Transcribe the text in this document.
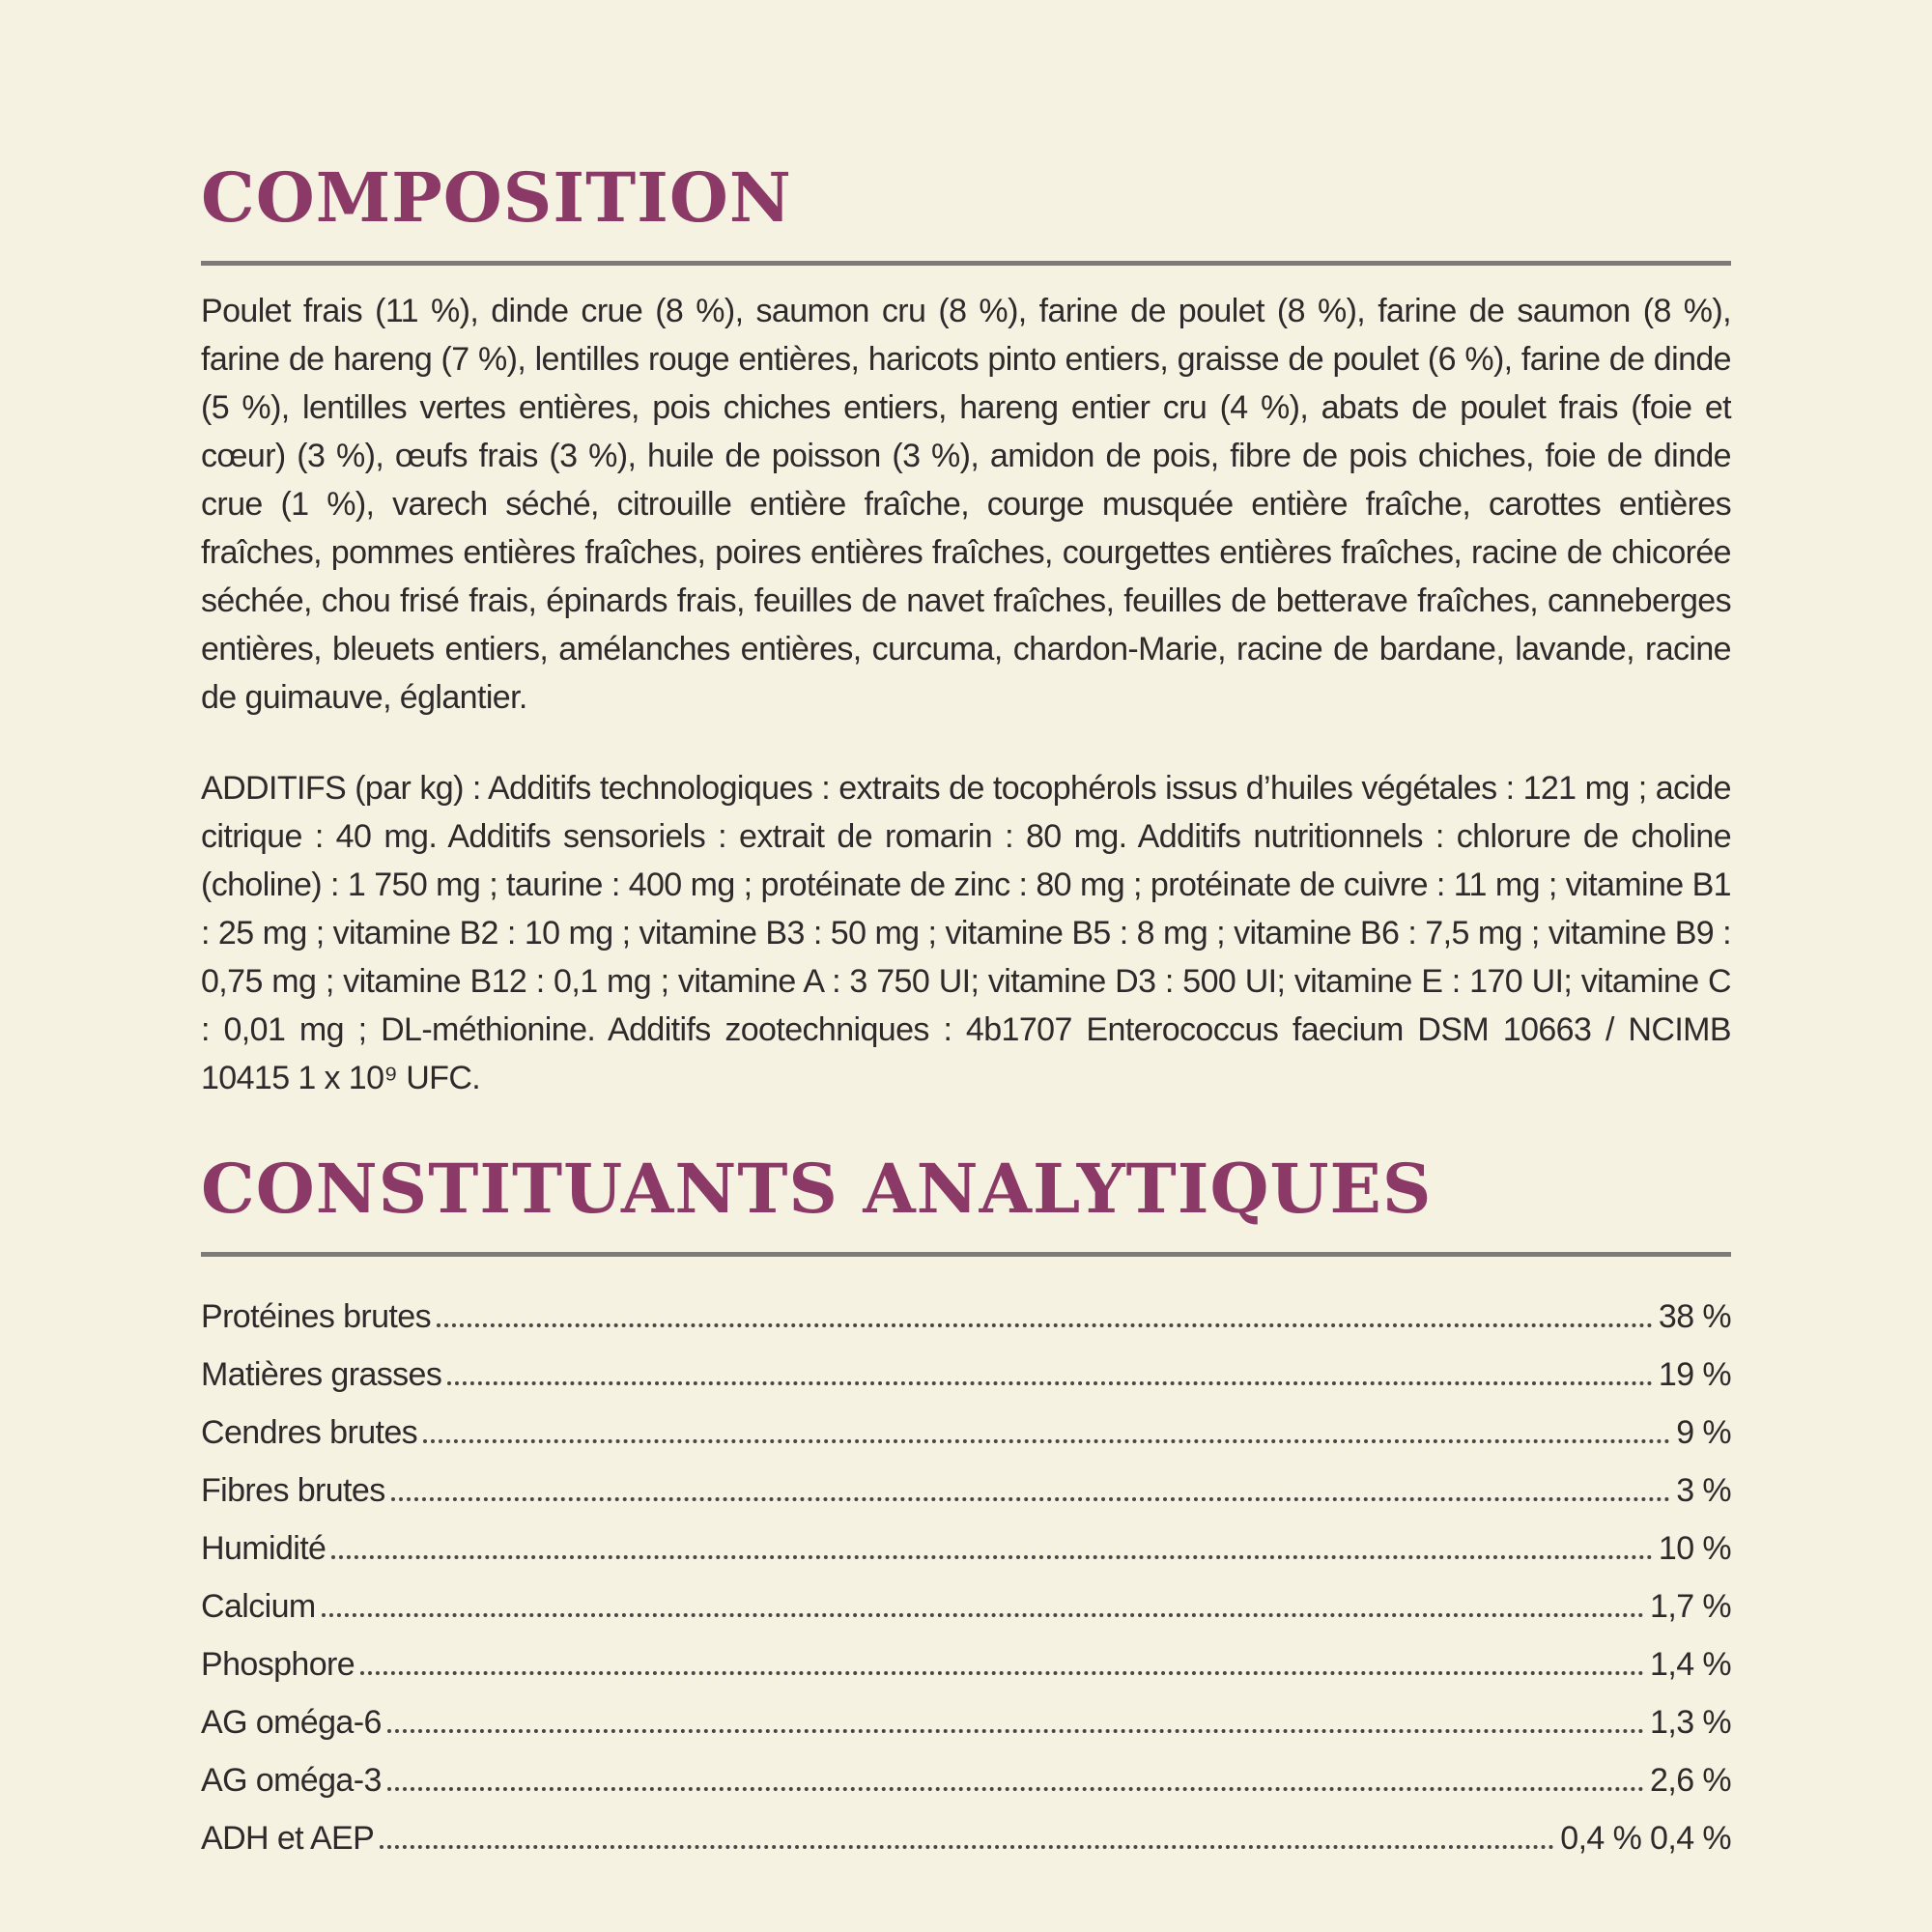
COMPOSITION

Poulet frais (11 %), dinde crue (8 %), saumon cru (8 %), farine de poulet (8 %), farine de saumon (8 %), farine de hareng (7 %), lentilles rouge entières, haricots pinto entiers, graisse de poulet (6 %), farine de dinde (5 %), lentilles vertes entières, pois chiches entiers, hareng entier cru (4 %), abats de poulet frais (foie et cœur) (3 %), œufs frais (3 %), huile de poisson (3 %), amidon de pois, fibre de pois chiches, foie de dinde crue (1 %), varech séché, citrouille entière fraîche, courge musquée entière fraîche, carottes entières fraîches, pommes entières fraîches, poires entières fraîches, courgettes entières fraîches, racine de chicorée séchée, chou frisé frais, épinards frais, feuilles de navet fraîches, feuilles de betterave fraîches, canneberges entières, bleuets entiers, amélanches entières, curcuma, chardon-Marie, racine de bardane, lavande, racine de guimauve, églantier.

ADDITIFS (par kg) : Additifs technologiques : extraits de tocophérols issus d’huiles végétales : 121 mg ; acide citrique : 40 mg. Additifs sensoriels : extrait de romarin : 80 mg. Additifs nutritionnels : chlorure de choline (choline) : 1 750 mg ; taurine : 400 mg ; protéinate de zinc : 80 mg ; protéinate de cuivre : 11 mg ; vitamine B1 : 25 mg ; vitamine B2 : 10 mg ; vitamine B3 : 50 mg ; vitamine B5 : 8 mg ; vitamine B6 : 7,5 mg ; vitamine B9 : 0,75 mg ; vitamine B12 : 0,1 mg ; vitamine A : 3 750 UI; vitamine D3 : 500 UI; vitamine E : 170 UI; vitamine C : 0,01 mg ; DL-méthionine. Additifs zootechniques : 4b1707 Enterococcus faecium DSM 10663 / NCIMB 10415 1 x 10⁹ UFC.

CONSTITUANTS ANALYTIQUES
Protéines brutes	38 %
Matières grasses	19 %
Cendres brutes	9 %
Fibres brutes	3 %
Humidité	10 %
Calcium	1,7 %
Phosphore	1,4 %
AG oméga-6	1,3 %
AG oméga-3	2,6 %
ADH et AEP	0,4 % 0,4 %
